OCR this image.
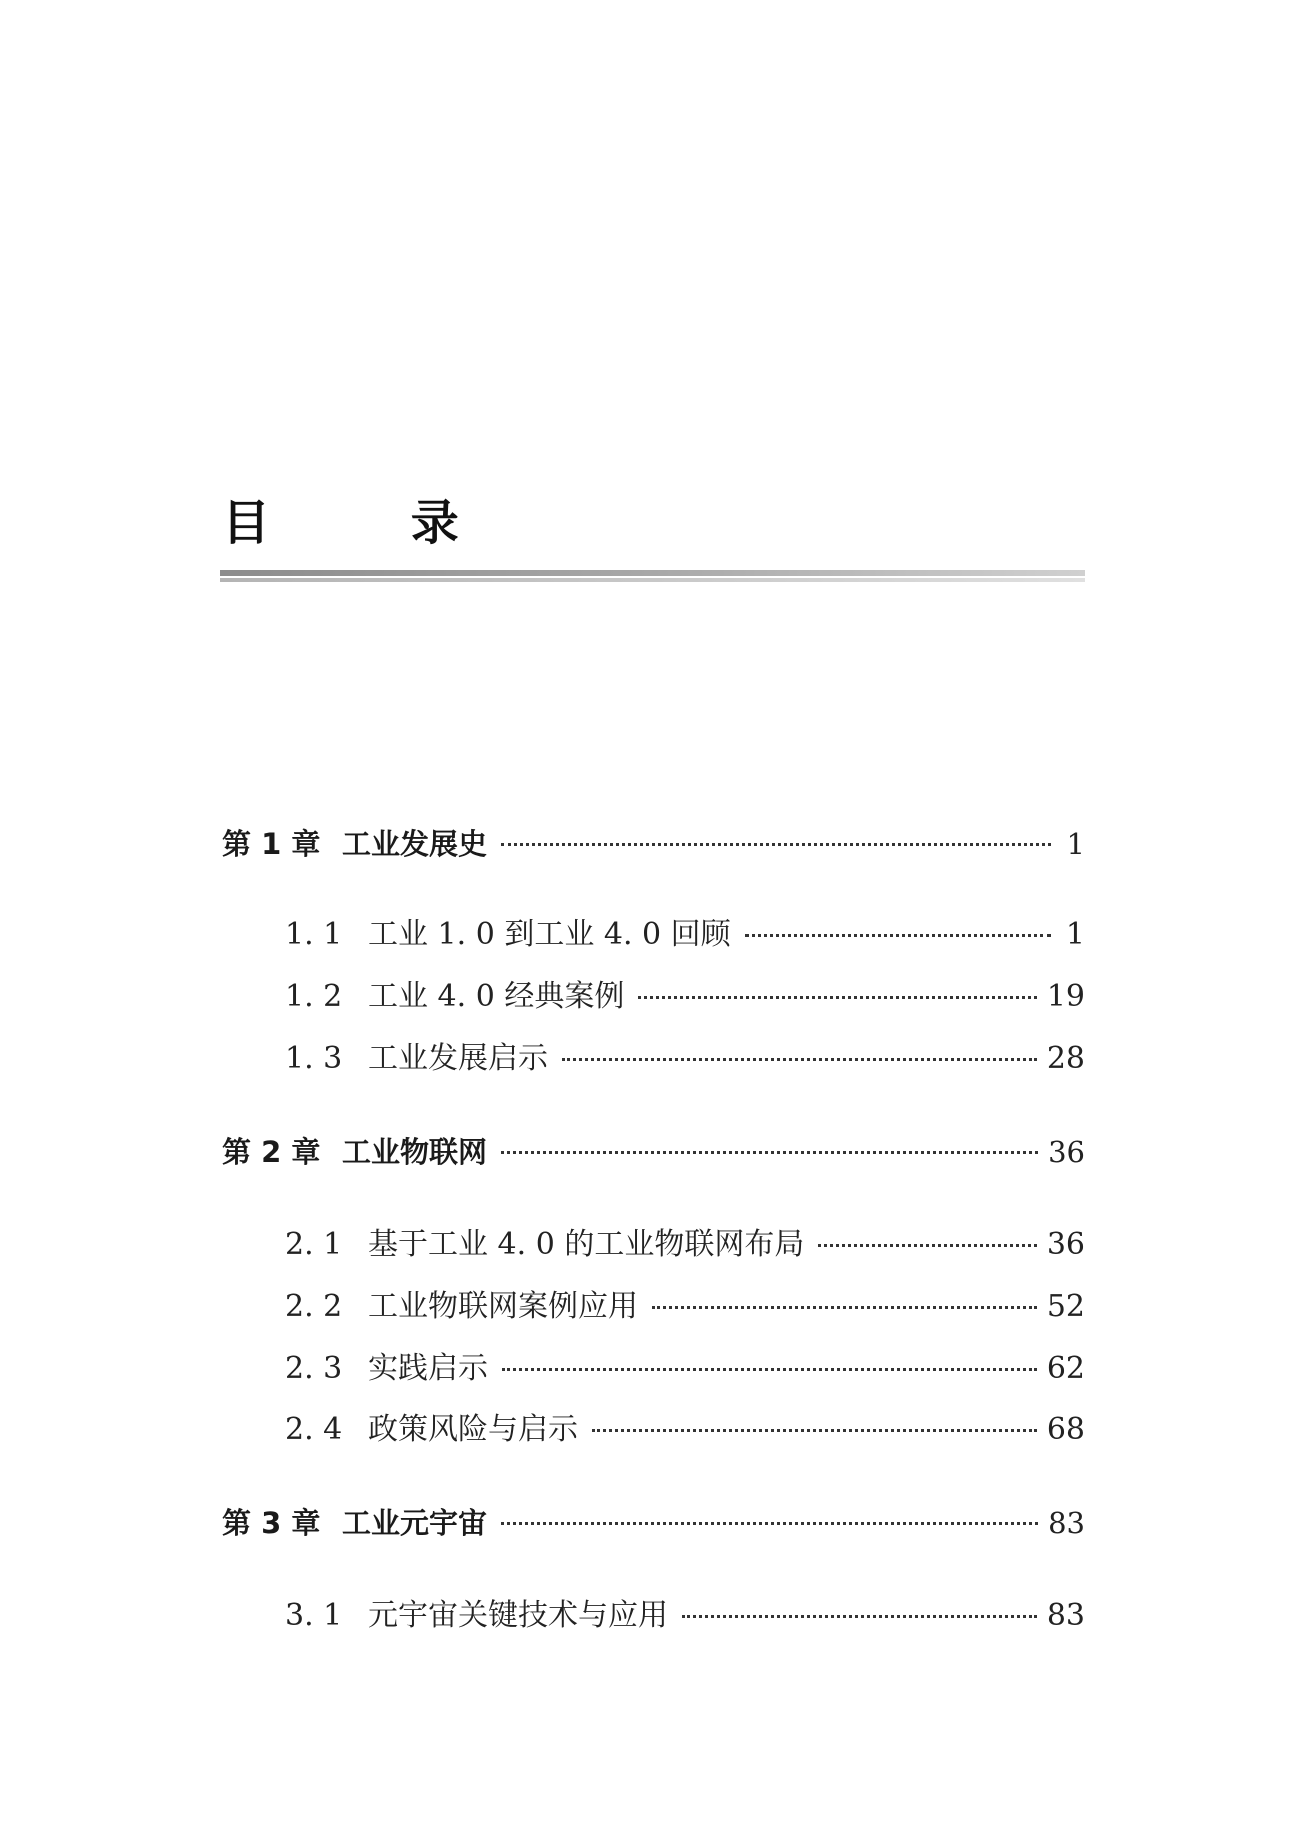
目 录
第 1 章 工业发展史	1
1. 1 工业 1. 0 到工业 4. 0 回顾	1
1. 2 工业 4. 0 经典案例	19
1. 3 工业发展启示	28
第 2 章 工业物联网	36
2. 1 基于工业 4. 0 的工业物联网布局	36
2. 2 工业物联网案例应用	52
2. 3 实践启示	62
2. 4 政策风险与启示	68
第 3 章 工业元宇宙	83
3. 1 元宇宙关键技术与应用	83
